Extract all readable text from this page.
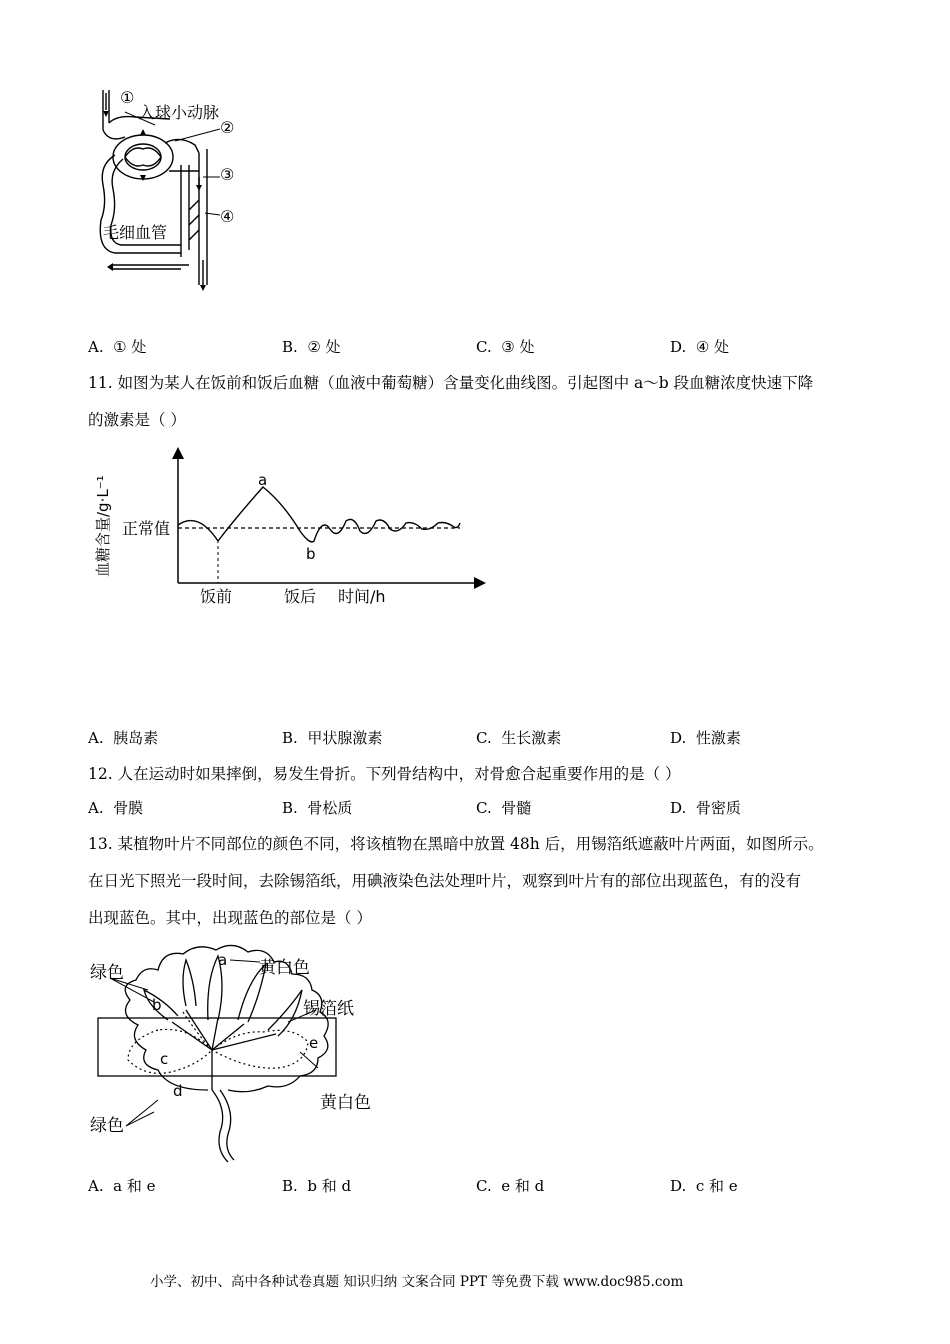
①
入球小动脉
②
③
毛细血管
④
A. ① 处	B. ② 处	C. ③ 处	D. ④ 处
11. 如图为某人在饭前和饭后血糖（血液中葡萄糖）含量变化曲线图。引起图中 a～b 段血糖浓度快速下降
的激素是（ ）
血糖含量/g·L⁻¹ 正常值
a
b
饭前	饭后 时间/h
A. 胰岛素	B. 甲状腺激素	C. 生长激素	D. 性激素
12. 人在运动时如果摔倒，易发生骨折。下列骨结构中，对骨愈合起重要作用的是（ ）
A. 骨膜	B. 骨松质	C. 骨髓	D. 骨密质
13. 某植物叶片不同部位的颜色不同，将该植物在黑暗中放置 48h 后，用锡箔纸遮蔽叶片两面，如图所示。
在日光下照光一段时间，去除锡箔纸，用碘液染色法处理叶片，观察到叶片有的部位出现蓝色，有的没有
出现蓝色。其中，出现蓝色的部位是（ ）
绿色
a 黄白色
b	锡箔纸
e
c
d
黄白色
绿色
A. a 和 e	B. b 和 d	C. e 和 d	D. c 和 e
小学、初中、高中各种试卷真题 知识归纳 文案合同 PPT 等免费下载 www.doc985.com
